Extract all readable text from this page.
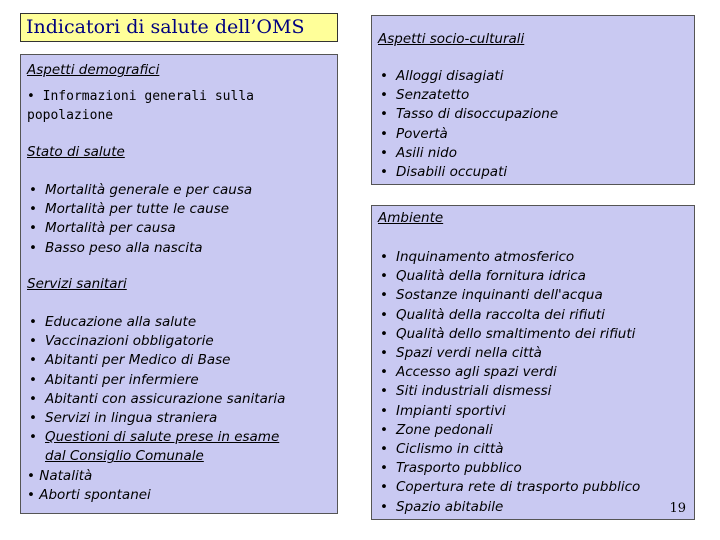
Indicatori di salute dell’OMS
Aspetti demografici
• Informazioni generali sulla
popolazione
Stato di salute
• Mortalità generale e per causa
• Mortalità per tutte le cause
• Mortalità per causa
• Basso peso alla nascita
Servizi sanitari
• Educazione alla salute
• Vaccinazioni obbligatorie
• Abitanti per Medico di Base
• Abitanti per infermiere
• Abitanti con assicurazione sanitaria
• Servizi in lingua straniera
• Questioni di salute prese in esame
dal Consiglio Comunale
• Natalità
• Aborti spontanei
Aspetti socio-culturali
• Alloggi disagiati
• Senzatetto
• Tasso di disoccupazione
• Povertà
• Asili nido
• Disabili occupati
Ambiente
• Inquinamento atmosferico
• Qualità della fornitura idrica
• Sostanze inquinanti dell'acqua
• Qualità della raccolta dei rifiuti
• Qualità dello smaltimento dei rifiuti
• Spazi verdi nella città
• Accesso agli spazi verdi
• Siti industriali dismessi
• Impianti sportivi
• Zone pedonali
• Ciclismo in città
• Trasporto pubblico
• Copertura rete di trasporto pubblico
• Spazio abitabile	19
